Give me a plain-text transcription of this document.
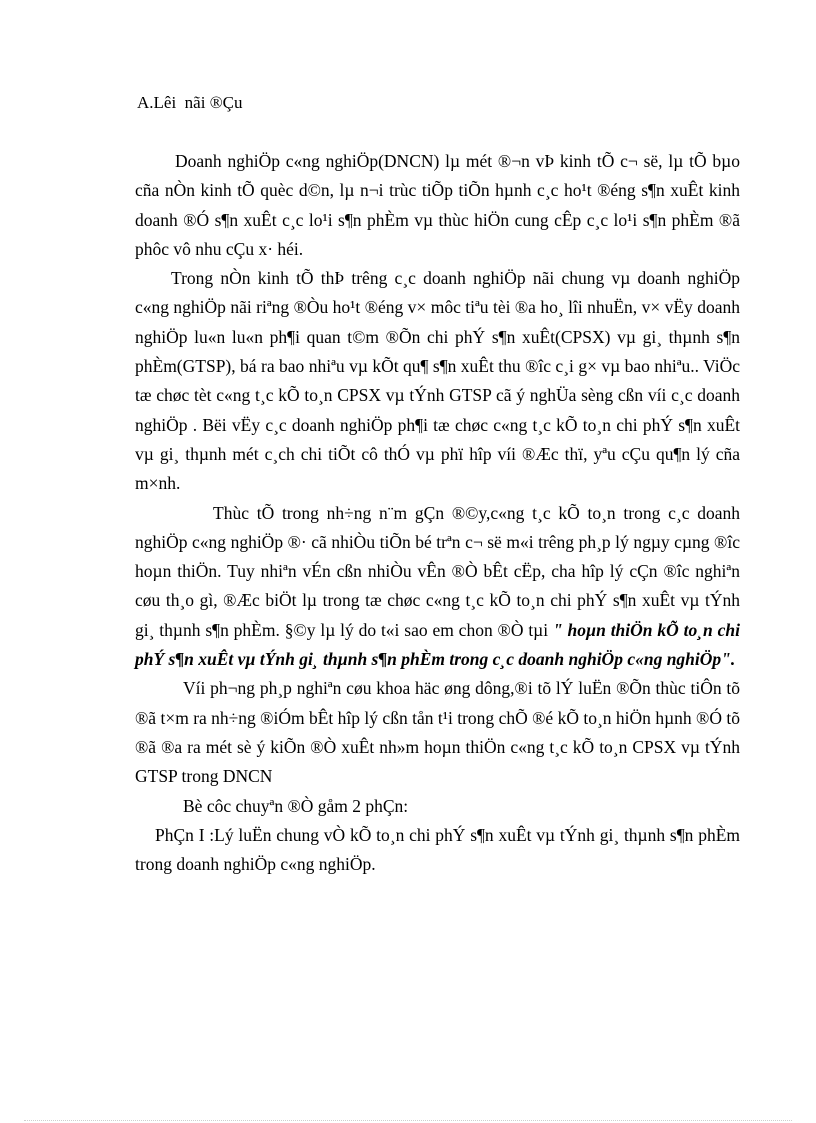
A.Lêi  nãi ®Çu

Doanh nghiÖp c«ng nghiÖp(DNCN) lµ mét ®¬n vÞ kinh tÕ c¬ së, lµ tÕ bµo cña nÒn kinh tÕ quèc d©n, lµ n¬i trùc tiÕp tiÕn hµnh c¸c ho¹t ®éng s¶n xuÊt kinh doanh ®Ó s¶n xuÊt c¸c lo¹i s¶n phÈm vµ thùc hiÖn cung cÊp c¸c lo¹i s¶n phÈm ®ã phôc vô nhu cÇu x· héi.

Trong nÒn kinh tÕ thÞ trêng c¸c doanh nghiÖp nãi chung vµ doanh nghiÖp c«ng nghiÖp nãi riªng ®Òu ho¹t ®éng v× môc tiªu tèi ®a ho¸ lîi nhuËn, v× vËy doanh nghiÖp lu«n lu«n ph¶i quan t©m ®Õn chi phÝ s¶n xuÊt(CPSX) vµ gi¸ thµnh s¶n phÈm(GTSP), bá ra bao nhiªu vµ kÕt qu¶ s¶n xuÊt thu ®îc c¸i g× vµ bao nhiªu.. ViÖc tæ chøc tèt c«ng t¸c kÕ to¸n CPSX vµ tÝnh GTSP cã ý nghÜa sèng cßn víi c¸c doanh nghiÖp . Bëi vËy c¸c doanh nghiÖp ph¶i tæ chøc c«ng t¸c kÕ to¸n chi phÝ s¶n xuÊt vµ gi¸ thµnh mét c¸ch chi tiÕt cô thÓ vµ phï hîp víi ®Æc thï, yªu cÇu qu¶n lý cña m×nh.

Thùc tÕ trong nh÷ng n¨m gÇn ®©y,c«ng t¸c kÕ to¸n trong c¸c doanh nghiÖp c«ng nghiÖp ®· cã nhiÒu tiÕn bé trªn c¬ së m«i trêng ph¸p lý ngµy cµng ®îc hoµn thiÖn. Tuy nhiªn vÉn cßn nhiÒu vÊn ®Ò bÊt cËp, cha hîp lý cÇn ®îc nghiªn cøu th¸o gì, ®Æc biÖt lµ trong tæ chøc c«ng t¸c kÕ to¸n chi phÝ s¶n xuÊt vµ tÝnh gi¸ thµnh s¶n phÈm. §©y lµ lý do t«i sao em chon ®Ò tµi " hoµn thiÖn kÕ to¸n chi phÝ s¶n xuÊt vµ tÝnh gi¸ thµnh s¶n phÈm trong c¸c doanh nghiÖp c«ng nghiÖp".

Víi ph¬ng ph¸p nghiªn cøu khoa häc øng dông,®i tõ lÝ luËn ®Õn thùc tiÔn tõ ®ã t×m ra nh÷ng ®iÓm bÊt hîp lý cßn tån t¹i trong chÕ ®é kÕ to¸n hiÖn hµnh ®Ó tõ ®ã ®a ra mét sè ý kiÕn ®Ò xuÊt nh»m hoµn thiÖn c«ng t¸c kÕ to¸n CPSX vµ tÝnh GTSP trong DNCN

Bè côc chuyªn ®Ò gåm 2 phÇn:

PhÇn I :Lý luËn chung vÒ kÕ to¸n chi phÝ s¶n xuÊt vµ tÝnh gi¸ thµnh s¶n phÈm trong doanh nghiÖp c«ng nghiÖp.
